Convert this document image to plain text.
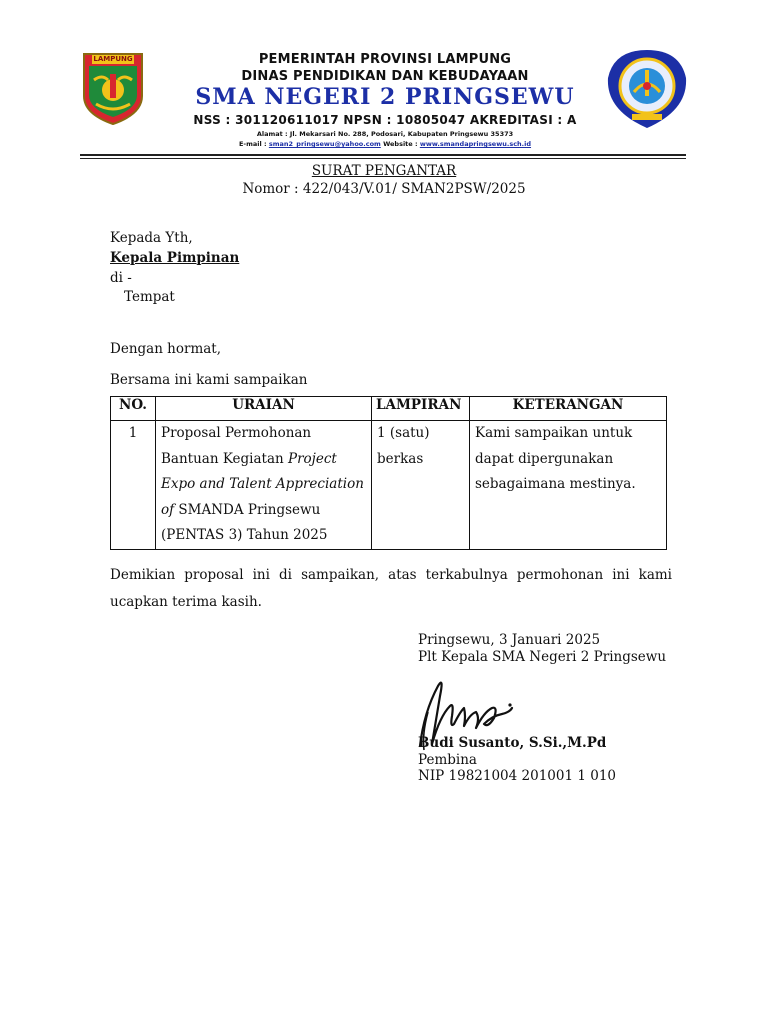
LAMPUNG	PEMERINTAH PROVINSI LAMPUNG
DINAS PENDIDIKAN DAN KEBUDAYAAN
SMA NEGERI 2 PRINGSEWU
NSS : 301120611017 NPSN : 10805047 AKREDITASI : A
Alamat : Jl. Mekarsari No. 288, Podosari, Kabupaten Pringsewu 35373
E-mail : sman2_pringsewu@yahoo.com Website : www.smandapringsewu.sch.id
SURAT PENGANTAR
Nomor : 422/043/V.01/ SMAN2PSW/2025
Kepada Yth,
Kepala Pimpinan
di -
Tempat
Dengan hormat,
Bersama ini kami sampaikan
NO.	URAIAN	LAMPIRAN	KETERANGAN
1	Proposal Permohonan Bantuan Kegiatan Project Expo and Talent Appreciation of SMANDA Pringsewu (PENTAS 3) Tahun 2025	1 (satu) berkas	Kami sampaikan untuk dapat dipergunakan sebagaimana mestinya.
Demikian proposal ini di sampaikan, atas terkabulnya permohonan ini kami ucapkan terima kasih.
Pringsewu, 3 Januari 2025
Plt Kepala SMA Negeri 2 Pringsewu
Budi Susanto, S.Si.,M.Pd
Pembina
NIP 19821004 201001 1 010
